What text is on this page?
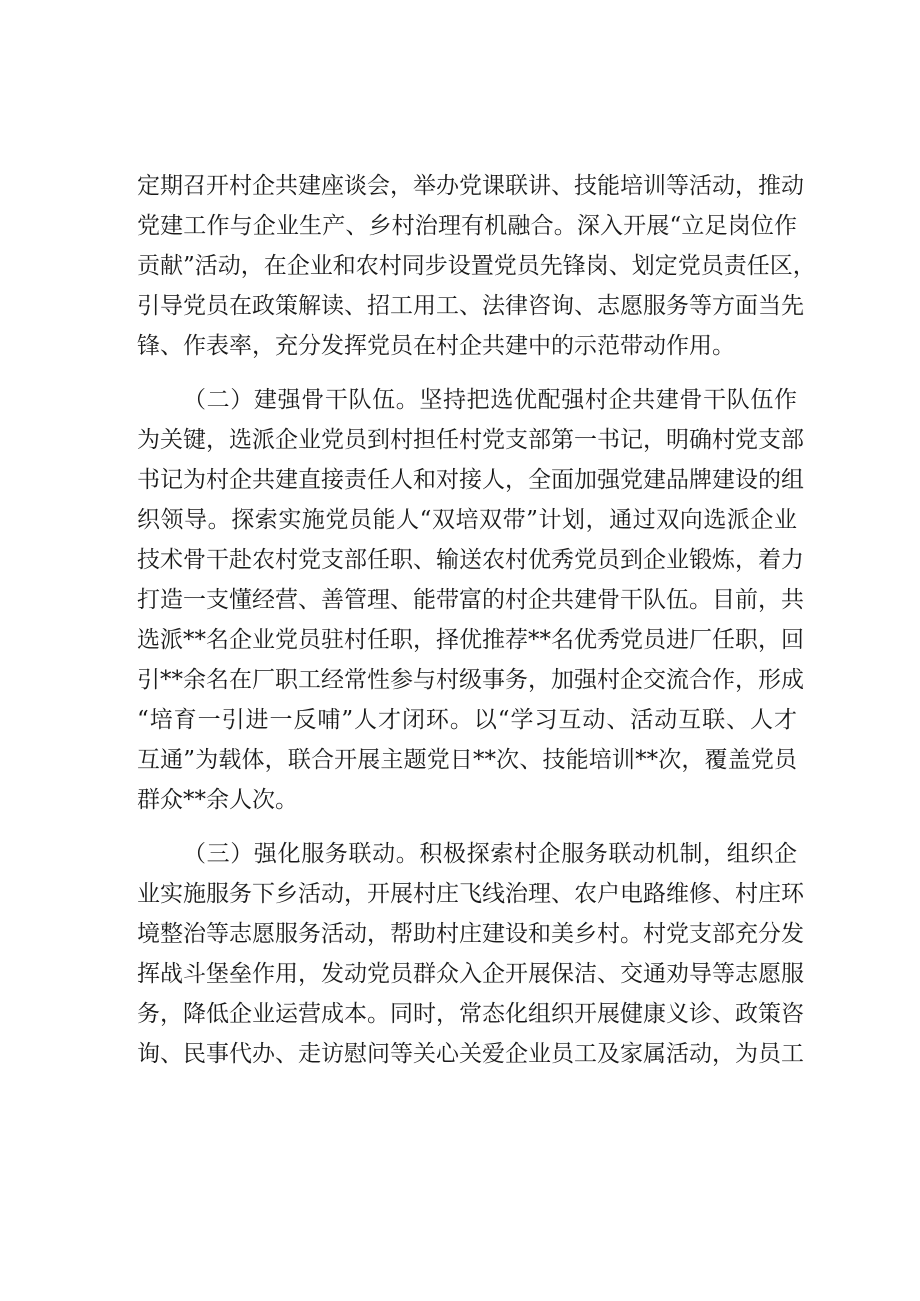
定期召开村企共建座谈会，举办党课联讲、技能培训等活动，推动
党建工作与企业生产、乡村治理有机融合。深入开展“立足岗位作
贡献”活动，在企业和农村同步设置党员先锋岗、划定党员责任区，
引导党员在政策解读、招工用工、法律咨询、志愿服务等方面当先
锋、作表率，充分发挥党员在村企共建中的示范带动作用。
（二）建强骨干队伍。坚持把选优配强村企共建骨干队伍作
为关键，选派企业党员到村担任村党支部第一书记，明确村党支部
书记为村企共建直接责任人和对接人，全面加强党建品牌建设的组
织领导。探索实施党员能人“双培双带”计划，通过双向选派企业
技术骨干赴农村党支部任职、输送农村优秀党员到企业锻炼，着力
打造一支懂经营、善管理、能带富的村企共建骨干队伍。目前，共
选派**名企业党员驻村任职，择优推荐**名优秀党员进厂任职，回
引**余名在厂职工经常性参与村级事务，加强村企交流合作，形成
“培育一引进一反哺”人才闭环。以“学习互动、活动互联、人才
互通”为载体，联合开展主题党日**次、技能培训**次，覆盖党员
群众**余人次。
（三）强化服务联动。积极探索村企服务联动机制，组织企
业实施服务下乡活动，开展村庄飞线治理、农户电路维修、村庄环
境整治等志愿服务活动，帮助村庄建设和美乡村。村党支部充分发
挥战斗堡垒作用，发动党员群众入企开展保洁、交通劝导等志愿服
务，降低企业运营成本。同时，常态化组织开展健康义诊、政策咨
询、民事代办、走访慰问等关心关爱企业员工及家属活动，为员工
